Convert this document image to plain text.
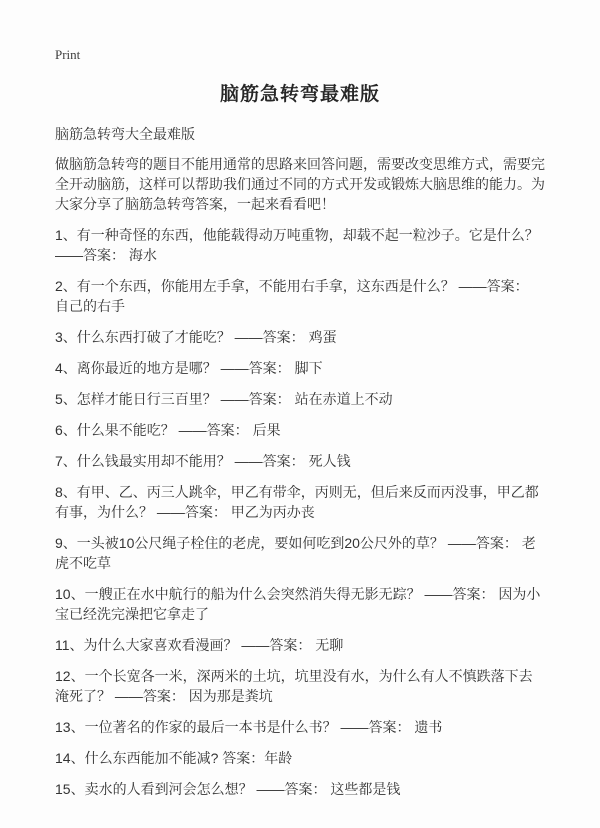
Print
脑筋急转弯最难版
脑筋急转弯大全最难版
做脑筋急转弯的题目不能用通常的思路来回答问题，需要改变思维方式，需要完全开动脑筋，这样可以帮助我们通过不同的方式开发或锻炼大脑思维的能力。为大家分享了脑筋急转弯答案，一起来看看吧！

1、有一种奇怪的东西，他能载得动万吨重物，却载不起一粒沙子。它是什么？ ——答案： 海水

2、有一个东西，你能用左手拿，不能用右手拿，这东西是什么？ ——答案： 自己的右手

3、什么东西打破了才能吃？ ——答案： 鸡蛋

4、离你最近的地方是哪？ ——答案： 脚下

5、怎样才能日行三百里？ ——答案： 站在赤道上不动

6、什么果不能吃？ ——答案： 后果

7、什么钱最实用却不能用？ ——答案： 死人钱

8、有甲、乙、丙三人跳伞，甲乙有带伞，丙则无，但后来反而丙没事，甲乙都有事，为什么？ ——答案： 甲乙为丙办丧

9、一头被10公尺绳子栓住的老虎，要如何吃到20公尺外的草？ ——答案： 老虎不吃草

10、一艘正在水中航行的船为什么会突然消失得无影无踪？ ——答案： 因为小宝已经洗完澡把它拿走了

11、为什么大家喜欢看漫画？ ——答案： 无聊

12、一个长宽各一米，深两米的土坑，坑里没有水，为什么有人不慎跌落下去淹死了？ ——答案： 因为那是粪坑

13、一位著名的作家的最后一本书是什么书？ ——答案： 遗书

14、什么东西能加不能减? 答案：年龄

15、卖水的人看到河会怎么想？ ——答案： 这些都是钱
